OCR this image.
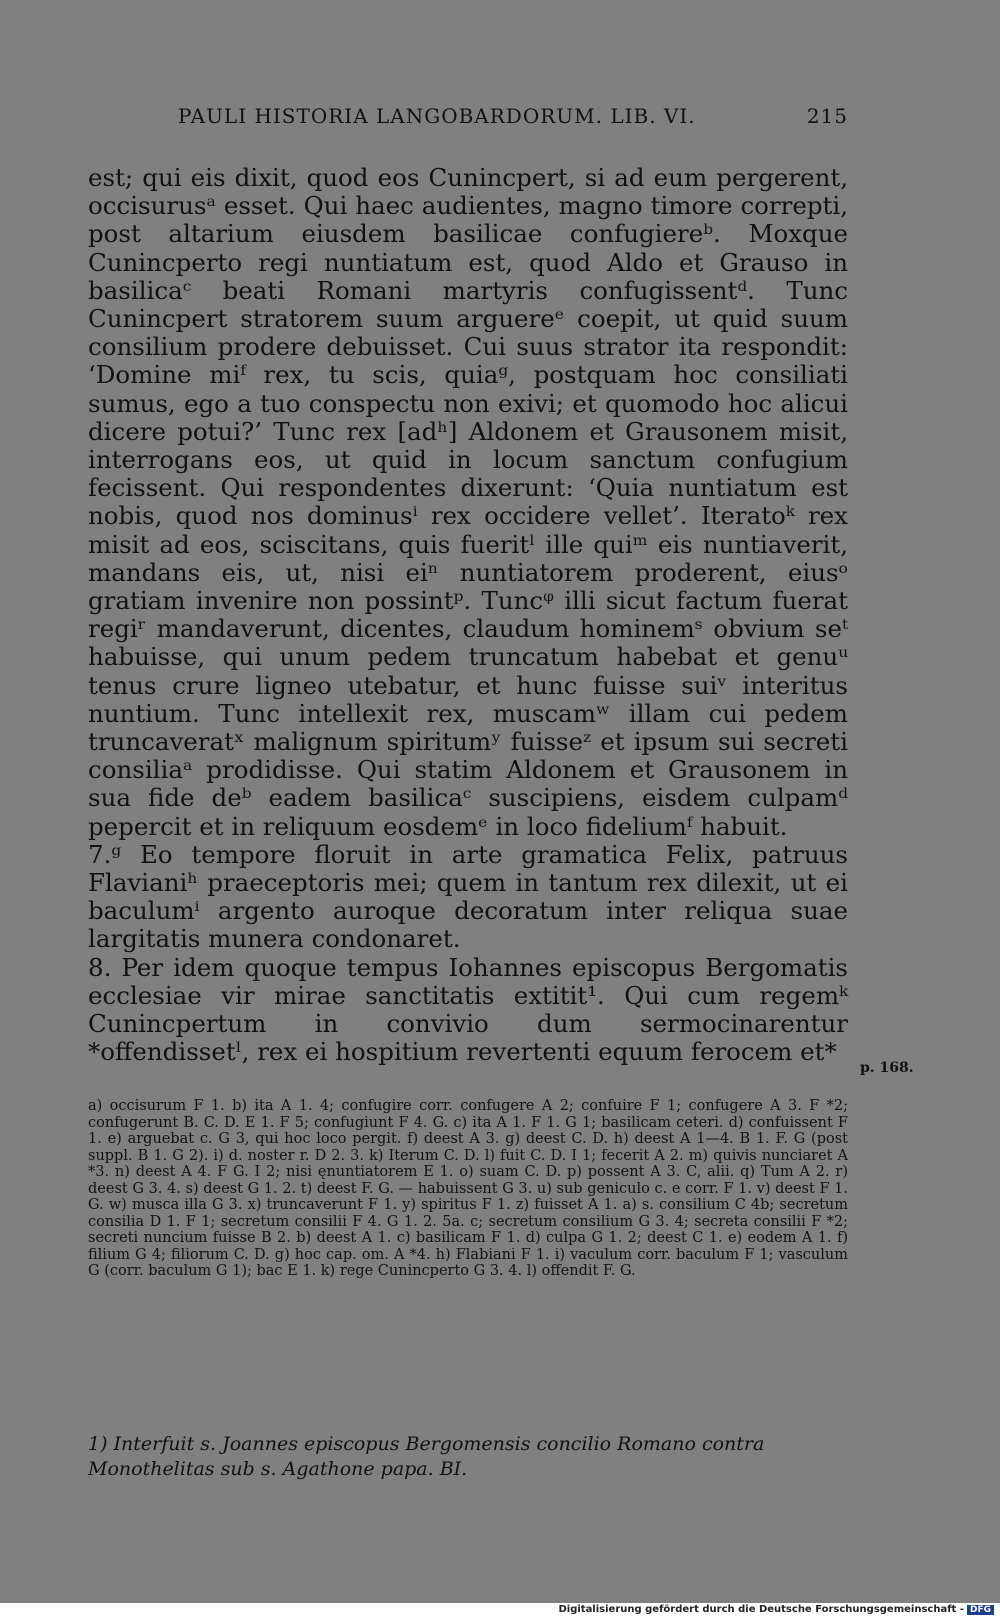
PAULI HISTORIA LANGOBARDORUM. LIB. VI.	215

est; qui eis dixit, quod eos Cunincpert, si ad eum pergerent, occisurusᵃ esset. Qui haec audientes, magno timore correpti, post altarium eiusdem basilicae confugiereᵇ. Moxque Cunincperto regi nuntiatum est, quod Aldo et Grauso in basilicaᶜ beati Romani martyris confugissentᵈ. Tunc Cunincpert stratorem suum arguereᵉ coepit, ut quid suum consilium prodere debuisset. Cui suus strator ita respondit: ‘Domine miᶠ rex, tu scis, quiaᵍ, postquam hoc consiliati sumus, ego a tuo conspectu non exivi; et quomodo hoc alicui dicere potui?’ Tunc rex [adʰ] Aldonem et Grausonem misit, interrogans eos, ut quid in locum sanctum confugium fecissent. Qui respondentes dixerunt: ‘Quia nuntiatum est nobis, quod nos dominusⁱ rex occidere vellet’. Iteratoᵏ rex misit ad eos, sciscitans, quis fueritˡ ille quiᵐ eis nuntiaverit, mandans eis, ut, nisi eiⁿ nuntiatorem proderent, eiusᵒ gratiam invenire non possintᵖ. Tuncᵠ illi sicut factum fuerat regiʳ mandaverunt, dicentes, claudum hominemˢ obvium seᵗ habuisse, qui unum pedem truncatum habebat et genuᵘ tenus crure ligneo utebatur, et hunc fuisse suiᵛ interitus nuntium. Tunc intellexit rex, muscamʷ illam cui pedem truncaveratˣ malignum spiritumʸ fuisseᶻ et ipsum sui secreti consiliaᵃ prodidisse. Qui statim Aldonem et Grausonem in sua fide deᵇ eadem basilicaᶜ suscipiens, eisdem culpamᵈ pepercit et in reliquum eosdemᵉ in loco fideliumᶠ habuit.

7.ᵍ Eo tempore floruit in arte gramatica Felix, patruus Flavianiʰ praeceptoris mei; quem in tantum rex dilexit, ut ei baculumⁱ argento auroque decoratum inter reliqua suae largitatis munera condonaret.

8. Per idem quoque tempus Iohannes episcopus Bergomatis ecclesiae vir mirae sanctitatis extitit¹. Qui cum regemᵏ Cunincpertum in convivio dum sermocinarentur *offendissetˡ, rex ei hospitium revertenti equum ferocem et*

p. 168.
a) occisurum F 1. b) ita A 1. 4; confugire corr. confugere A 2; confuire F 1; confugere A 3. F *2; confugerunt B. C. D. E 1. F 5; confugiunt F 4. G. c) ita A 1. F 1. G 1; basilicam ceteri. d) confuissent F 1. e) arguebat c. G 3, qui hoc loco pergit. f) deest A 3. g) deest C. D. h) deest A 1—4. B 1. F. G (post suppl. B 1. G 2). i) d. noster r. D 2. 3. k) Iterum C. D. l) fuit C. D. I 1; fecerit A 2. m) quivis nunciaret A *3. n) deest A 4. F G. I 2; nisi ęnuntiatorem E 1. o) suam C. D. p) possent A 3. C, alii. q) Tum A 2. r) deest G 3. 4. s) deest G 1. 2. t) deest F. G. — habuissent G 3. u) sub geniculo c. e corr. F 1. v) deest F 1. G. w) musca illa G 3. x) truncaverunt F 1. y) spiritus F 1. z) fuisset A 1. a) s. consilium C 4b; secretum consilia D 1. F 1; secretum consilii F 4. G 1. 2. 5a. c; secretum consilium G 3. 4; secreta consilii F *2; secreti nuncium fuisse B 2. b) deest A 1. c) basilicam F 1. d) culpa G 1. 2; deest C 1. e) eodem A 1. f) filium G 4; filiorum C. D. g) hoc cap. om. A *4. h) Flabiani F 1. i) vaculum corr. baculum F 1; vasculum G (corr. baculum G 1); bac E 1. k) rege Cunincperto G 3. 4. l) offendit F. G.
1) Interfuit s. Joannes episcopus Bergomensis concilio Romano contra Monothelitas sub s. Agathone papa. BI.
Digitalisierung gefördert durch die Deutsche Forschungsgemeinschaft - DFG
